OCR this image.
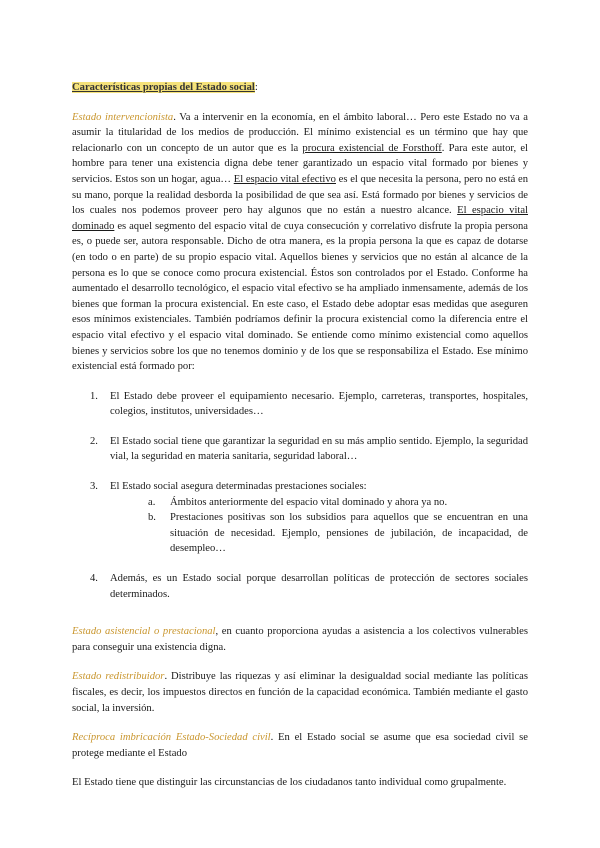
Características propias del Estado social:

Estado intervencionista. Va a intervenir en la economía, en el ámbito laboral… Pero este Estado no va a asumir la titularidad de los medios de producción. El mínimo existencial es un término que hay que relacionarlo con un concepto de un autor que es la procura existencial de Forsthoff. Para este autor, el hombre para tener una existencia digna debe tener garantizado un espacio vital formado por bienes y servicios. Estos son un hogar, agua… El espacio vital efectivo es el que necesita la persona, pero no está en su mano, porque la realidad desborda la posibilidad de que sea así. Está formado por bienes y servicios de los cuales nos podemos proveer pero hay algunos que no están a nuestro alcance. El espacio vital dominado es aquel segmento del espacio vital de cuya consecución y correlativo disfrute la propia persona es, o puede ser, autora responsable. Dicho de otra manera, es la propia persona la que es capaz de dotarse (en todo o en parte) de su propio espacio vital. Aquellos bienes y servicios que no están al alcance de la persona es lo que se conoce como procura existencial. Éstos son controlados por el Estado. Conforme ha aumentado el desarrollo tecnológico, el espacio vital efectivo se ha ampliado inmensamente, además de los bienes que forman la procura existencial. En este caso, el Estado debe adoptar esas medidas que aseguren esos mínimos existenciales. También podríamos definir la procura existencial como la diferencia entre el espacio vital efectivo y el espacio vital dominado. Se entiende como mínimo existencial como aquellos bienes y servicios sobre los que no tenemos dominio y de los que se responsabiliza el Estado. Ese mínimo existencial está formado por:

1. El Estado debe proveer el equipamiento necesario. Ejemplo, carreteras, transportes, hospitales, colegios, institutos, universidades…
2. El Estado social tiene que garantizar la seguridad en su más amplio sentido. Ejemplo, la seguridad vial, la seguridad en materia sanitaria, seguridad laboral…
3. El Estado social asegura determinadas prestaciones sociales:
a. Ámbitos anteriormente del espacio vital dominado y ahora ya no.
b. Prestaciones positivas son los subsidios para aquellos que se encuentran en una situación de necesidad. Ejemplo, pensiones de jubilación, de incapacidad, de desempleo…
4. Además, es un Estado social porque desarrollan políticas de protección de sectores sociales determinados.

Estado asistencial o prestacional, en cuanto proporciona ayudas a asistencia a los colectivos vulnerables para conseguir una existencia digna.

Estado redistribuidor. Distribuye las riquezas y así eliminar la desigualdad social mediante las políticas fiscales, es decir, los impuestos directos en función de la capacidad económica. También mediante el gasto social, la inversión.

Recíproca imbricación Estado-Sociedad civil. En el Estado social se asume que esa sociedad civil se protege mediante el Estado

El Estado tiene que distinguir las circunstancias de los ciudadanos tanto individual como grupalmente.
